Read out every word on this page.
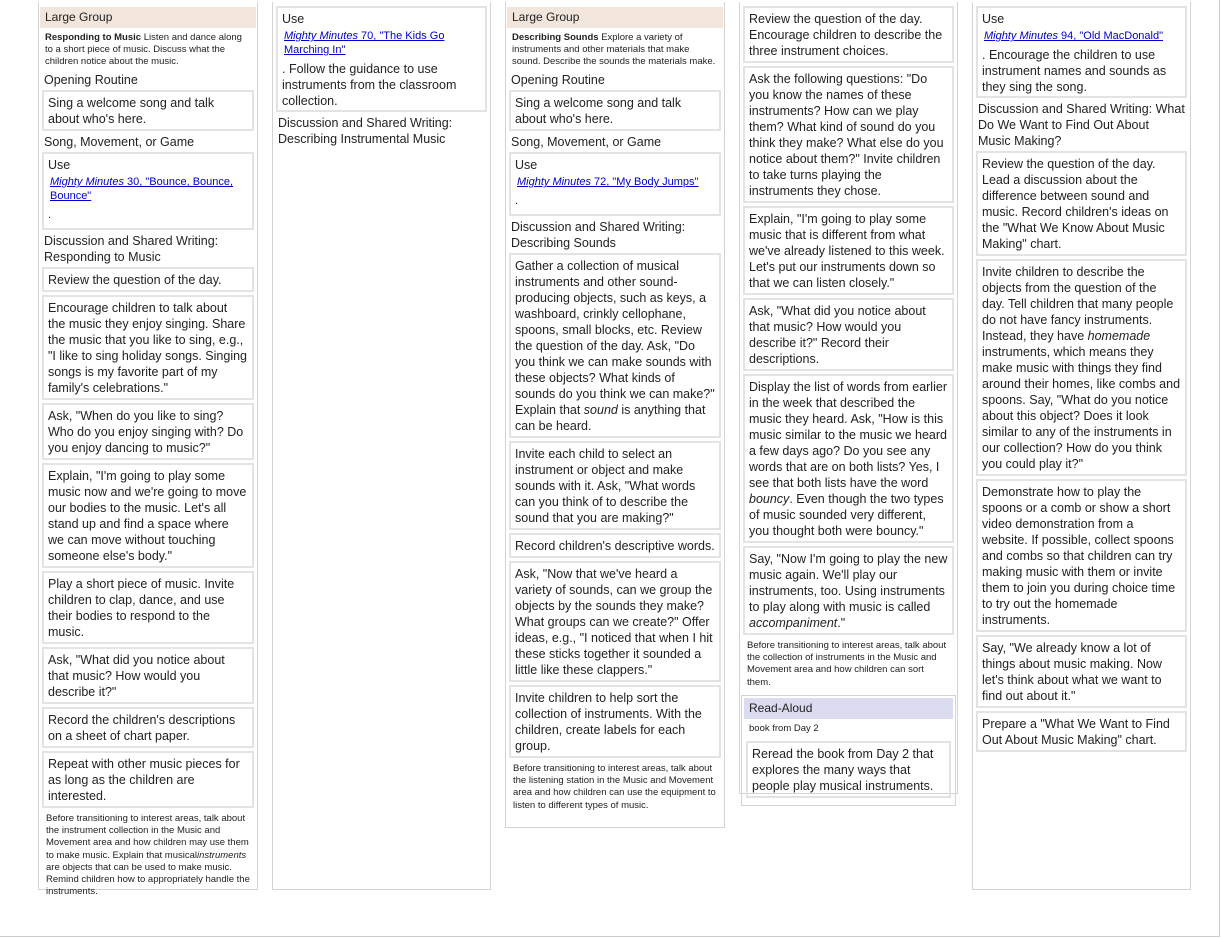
Large Group
Responding to Music Listen and dance along to a short piece of music. Discuss what the children notice about the music.
Opening Routine
Sing a welcome song and talk about who's here.
Song, Movement, or Game
Use
Mighty Minutes 30, "Bounce, Bounce, Bounce"
.
Discussion and Shared Writing: Responding to Music
Review the question of the day.
Encourage children to talk about the music they enjoy singing. Share the music that you like to sing, e.g., "I like to sing holiday songs. Singing songs is my favorite part of my family's celebrations."
Ask, "When do you like to sing? Who do you enjoy singing with? Do you enjoy dancing to music?"
Explain, "I'm going to play some music now and we're going to move our bodies to the music. Let's all stand up and find a space where we can move without touching someone else's body."
Play a short piece of music. Invite children to clap, dance, and use their bodies to respond to the music.
Ask, "What did you notice about that music? How would you describe it?"
Record the children's descriptions on a sheet of chart paper.
Repeat with other music pieces for as long as the children are interested.
Before transitioning to interest areas, talk about the instrument collection in the Music and Movement area and how children may use them to make music. Explain that musicalinstruments are objects that can be used to make music. Remind children how to appropriately handle the instruments.
Use
Mighty Minutes 70, "The Kids Go Marching In"
. Follow the guidance to use instruments from the classroom collection.
Discussion and Shared Writing: Describing Instrumental Music
Large Group
Describing Sounds Explore a variety of instruments and other materials that make sound. Describe the sounds the materials make.
Opening Routine
Sing a welcome song and talk about who's here.
Song, Movement, or Game
Use
Mighty Minutes 72, "My Body Jumps"
.
Discussion and Shared Writing: Describing Sounds
Gather a collection of musical instruments and other sound-producing objects, such as keys, a washboard, crinkly cellophane, spoons, small blocks, etc. Review the question of the day. Ask, "Do you think we can make sounds with these objects? What kinds of sounds do you think we can make?" Explain that sound is anything that can be heard.
Invite each child to select an instrument or object and make sounds with it. Ask, "What words can you think of to describe the sound that you are making?"
Record children's descriptive words.
Ask, "Now that we've heard a variety of sounds, can we group the objects by the sounds they make? What groups can we create?" Offer ideas, e.g., "I noticed that when I hit these sticks together it sounded a little like these clappers."
Invite children to help sort the collection of instruments. With the children, create labels for each group.
Before transitioning to interest areas, talk about the listening station in the Music and Movement area and how children can use the equipment to listen to different types of music.
Review the question of the day. Encourage children to describe the three instrument choices.
Ask the following questions: "Do you know the names of these instruments? How can we play them? What kind of sound do you think they make? What else do you notice about them?" Invite children to take turns playing the instruments they chose.
Explain, "I'm going to play some music that is different from what we've already listened to this week. Let's put our instruments down so that we can listen closely."
Ask, "What did you notice about that music? How would you describe it?" Record their descriptions.
Display the list of words from earlier in the week that described the music they heard. Ask, "How is this music similar to the music we heard a few days ago? Do you see any words that are on both lists? Yes, I see that both lists have the word bouncy. Even though the two types of music sounded very different, you thought both were bouncy."
Say, "Now I'm going to play the new music again. We'll play our instruments, too. Using instruments to play along with music is called accompaniment."
Before transitioning to interest areas, talk about the collection of instruments in the Music and Movement area and how children can sort them.
Read-Aloud
book from Day 2
Reread the book from Day 2 that explores the many ways that people play musical instruments.
Use
Mighty Minutes 94, "Old MacDonald"
. Encourage the children to use instrument names and sounds as they sing the song.
Discussion and Shared Writing: What Do We Want to Find Out About Music Making?
Review the question of the day. Lead a discussion about the difference between sound and music. Record children's ideas on the "What We Know About Music Making" chart.
Invite children to describe the objects from the question of the day. Tell children that many people do not have fancy instruments. Instead, they have homemade instruments, which means they make music with things they find around their homes, like combs and spoons. Say, "What do you notice about this object? Does it look similar to any of the instruments in our collection? How do you think you could play it?"
Demonstrate how to play the spoons or a comb or show a short video demonstration from a website. If possible, collect spoons and combs so that children can try making music with them or invite them to join you during choice time to try out the homemade instruments.
Say, "We already know a lot of things about music making. Now let's think about what we want to find out about it."
Prepare a "What We Want to Find Out About Music Making" chart.
